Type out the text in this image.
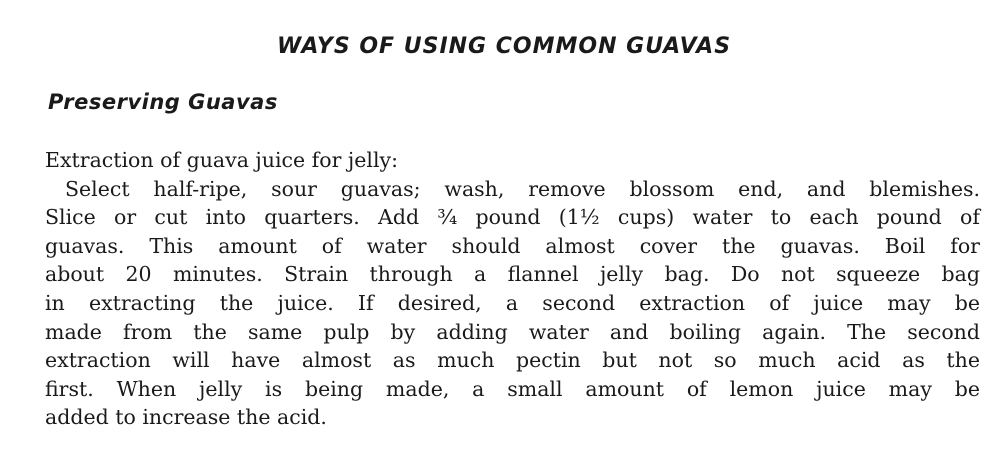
WAYS OF USING COMMON GUAVAS
Preserving Guavas
Extraction of guava juice for jelly:
Select half-ripe, sour guavas; wash, remove blossom end, and blemishes.
Slice or cut into quarters. Add ¾ pound (1½ cups) water to each pound of
guavas. This amount of water should almost cover the guavas. Boil for
about 20 minutes. Strain through a flannel jelly bag. Do not squeeze bag
in extracting the juice. If desired, a second extraction of juice may be
made from the same pulp by adding water and boiling again. The second
extraction will have almost as much pectin but not so much acid as the
first. When jelly is being made, a small amount of lemon juice may be
added to increase the acid.
